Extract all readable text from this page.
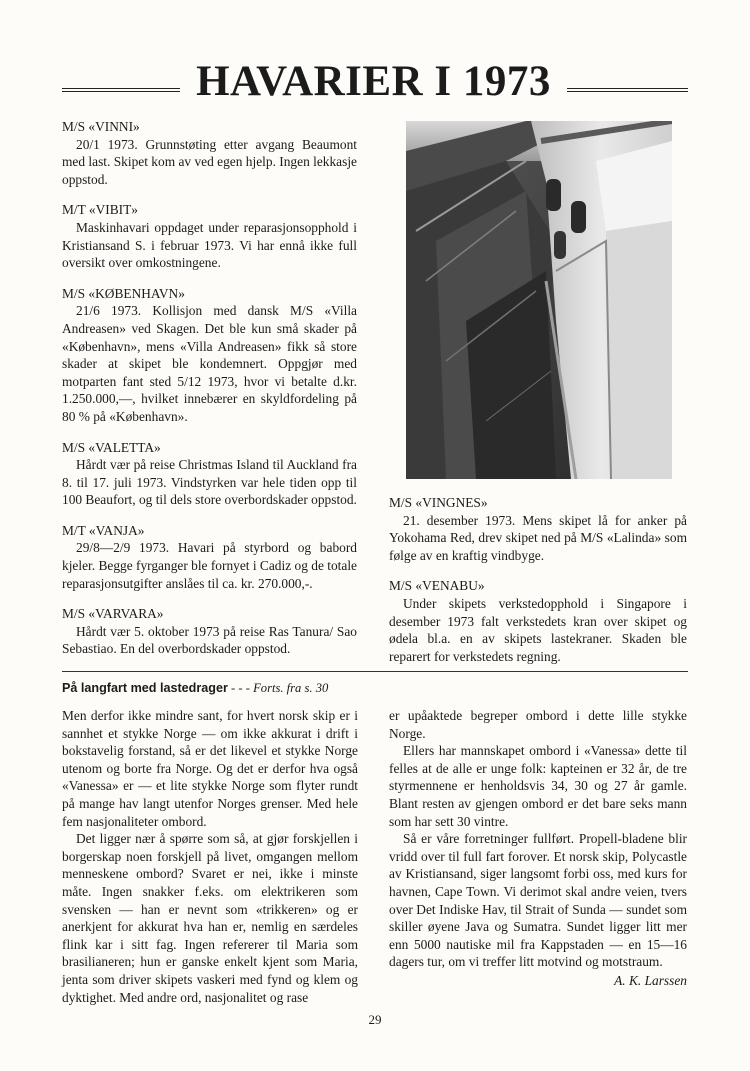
HAVARIER I 1973

M/S «VINNI»

20/1 1973. Grunnstøting etter avgang Beaumont med last. Skipet kom av ved egen hjelp. Ingen lekkasje oppstod.

M/T «VIBIT»

Maskinhavari oppdaget under reparasjonsopphold i Kristiansand S. i februar 1973. Vi har ennå ikke full oversikt over omkostningene.

M/S «KØBENHAVN»

21/6 1973. Kollisjon med dansk M/S «Villa Andreasen» ved Skagen. Det ble kun små skader på «København», mens «Villa Andreasen» fikk så store skader at skipet ble kondemnert. Oppgjør med motparten fant sted 5/12 1973, hvor vi betalte d.kr. 1.250.000,—, hvilket innebærer en skyldfordeling på 80 % på «København».

M/S «VALETTA»

Hårdt vær på reise Christmas Island til Auckland fra 8. til 17. juli 1973. Vindstyrken var hele tiden opp til 100 Beaufort, og til dels store overbordskader oppstod.

M/T «VANJA»

29/8—2/9 1973. Havari på styrbord og babord kjeler. Begge fyrganger ble fornyet i Cadiz og de totale reparasjonsutgifter anslåes til ca. kr. 270.000,-.

M/S «VARVARA»

Hårdt vær 5. oktober 1973 på reise Ras Tanura/ Sao Sebastiao. En del overbordskader oppstod.

M/S «VINGNES»

21. desember 1973. Mens skipet lå for anker på Yokohama Red, drev skipet ned på M/S «Lalinda» som følge av en kraftig vindbyge.

M/S «VENABU»

Under skipets verkstedopphold i Singapore i desember 1973 falt verkstedets kran over skipet og ødela bl.a. en av skipets lastekraner. Skaden ble reparert for verkstedets regning.

På langfart med lastedrager - - - Forts. fra s. 30

Men derfor ikke mindre sant, for hvert norsk skip er i sannhet et stykke Norge — om ikke akkurat i drift i bokstavelig forstand, så er det likevel et stykke Norge utenom og borte fra Norge. Og det er derfor hva også «Vanessa» er — et lite stykke Norge som flyter rundt på mange hav langt utenfor Norges grenser. Med hele fem nasjonaliteter ombord.

Det ligger nær å spørre som så, at gjør forskjellen i borgerskap noen forskjell på livet, omgangen mellom menneskene ombord? Svaret er nei, ikke i minste måte. Ingen snakker f.eks. om elektrikeren som svensken — han er nevnt som «trikkeren» og er anerkjent for akkurat hva han er, nemlig en særdeles flink kar i sitt fag. Ingen refererer til Maria som brasilianeren; hun er ganske enkelt kjent som Maria, jenta som driver skipets vaskeri med fynd og klem og dyktighet. Med andre ord, nasjonalitet og rase

er upåaktede begreper ombord i dette lille stykke Norge.

Ellers har mannskapet ombord i «Vanessa» dette til felles at de alle er unge folk: kapteinen er 32 år, de tre styrmennene er henholdsvis 34, 30 og 27 år gamle. Blant resten av gjengen ombord er det bare seks mann som har sett 30 vintre.

Så er våre forretninger fullført. Propell-bladene blir vridd over til full fart forover. Et norsk skip, Polycastle av Kristiansand, siger langsomt forbi oss, med kurs for havnen, Cape Town. Vi derimot skal andre veien, tvers over Det Indiske Hav, til Strait of Sunda — sundet som skiller øyene Java og Sumatra. Sundet ligger litt mer enn 5000 nautiske mil fra Kappstaden — en 15—16 dagers tur, om vi treffer litt motvind og motstraum.

A. K. Larssen
29
